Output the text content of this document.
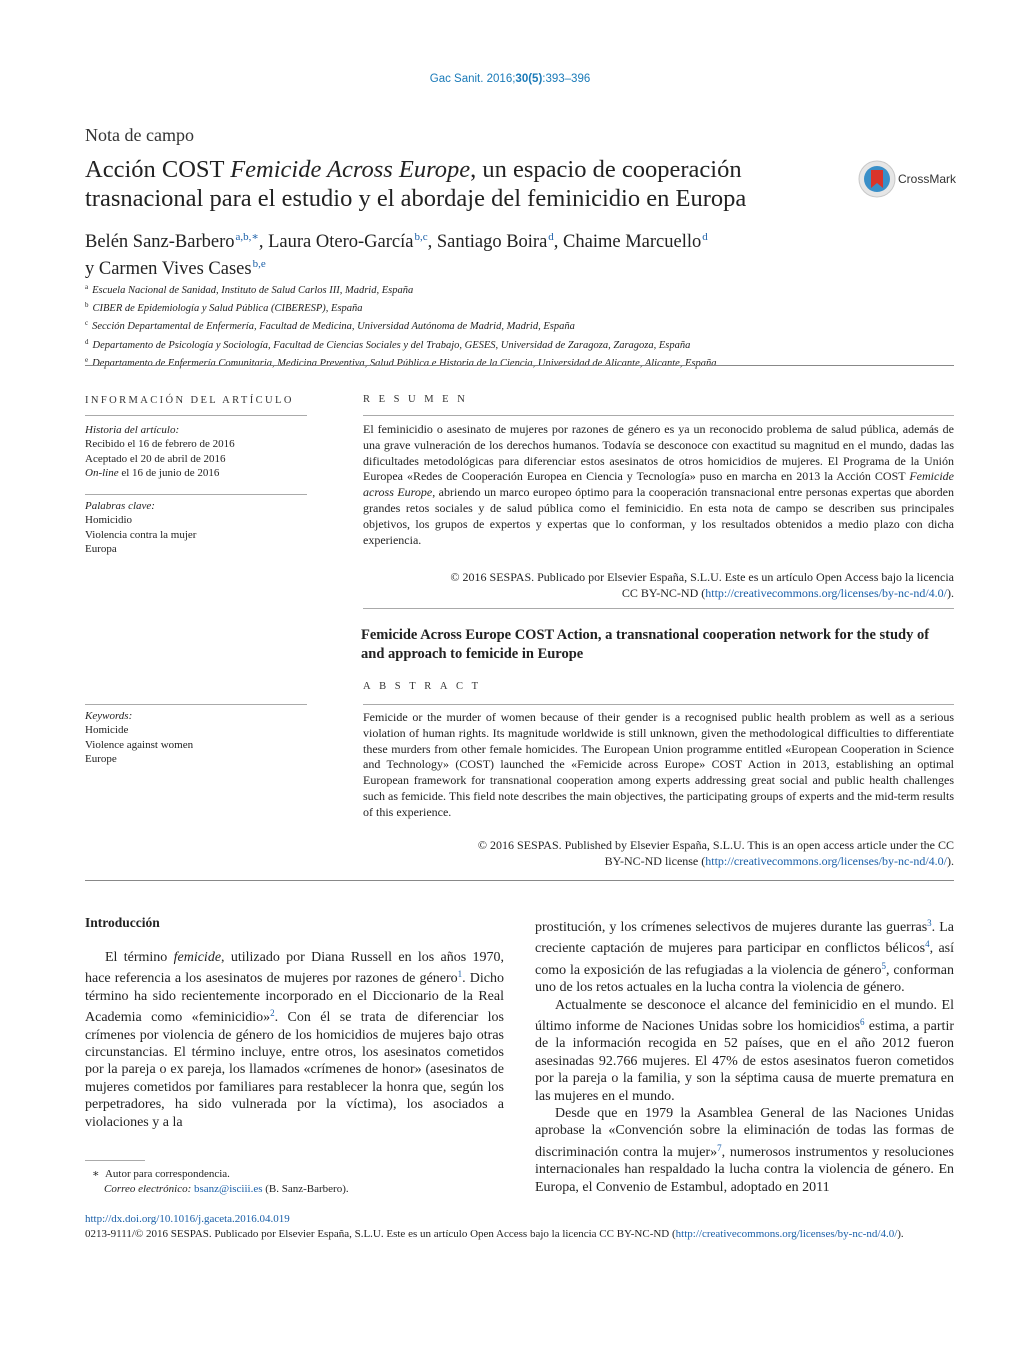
Gac Sanit. 2016;30(5):393–396
Nota de campo
Acción COST Femicide Across Europe, un espacio de cooperación trasnacional para el estudio y el abordaje del feminicidio en Europa
CrossMark
Belén Sanz-Barbero$^{a,b,∗}$, Laura Otero-García$^{b,c}$, Santiago Boira$^d$, Chaime Marcuello$^d$
y Carmen Vives Cases$^{b,e}$
$^a$ Escuela Nacional de Sanidad, Instituto de Salud Carlos III, Madrid, España
$^b$ CIBER de Epidemiología y Salud Pública (CIBERESP), España
$^c$ Sección Departamental de Enfermería, Facultad de Medicina, Universidad Autónoma de Madrid, Madrid, España
$^d$ Departamento de Psicología y Sociología, Facultad de Ciencias Sociales y del Trabajo, GESES, Universidad de Zaragoza, Zaragoza, España
$^e$ Departamento de Enfermería Comunitaria, Medicina Preventiva, Salud Pública e Historia de la Ciencia, Universidad de Alicante, Alicante, España
INFORMACIÓN DEL ARTÍCULO
Historia del artículo:
Recibido el 16 de febrero de 2016
Aceptado el 20 de abril de 2016
On-line el 16 de junio de 2016
Palabras clave:
Homicidio
Violencia contra la mujer
Europa
Keywords:
Homicide
Violence against women
Europe
RESUMEN

El feminicidio o asesinato de mujeres por razones de género es ya un reconocido problema de salud pública, además de una grave vulneración de los derechos humanos. Todavía se desconoce con exactitud su magnitud en el mundo, dadas las dificultades metodológicas para diferenciar estos asesinatos de otros homicidios de mujeres. El Programa de la Unión Europea «Redes de Cooperación Europea en Ciencia y Tecnología» puso en marcha en 2013 la Acción COST Femicide across Europe, abriendo un marco europeo óptimo para la cooperación transnacional entre personas expertas que aborden grandes retos sociales y de salud pública como el feminicidio. En esta nota de campo se describen sus principales objetivos, los grupos de expertos y expertas que lo conforman, y los resultados obtenidos a medio plazo con dicha experiencia.

© 2016 SESPAS. Publicado por Elsevier España, S.L.U. Este es un artículo Open Access bajo la licencia
CC BY-NC-ND (http://creativecommons.org/licenses/by-nc-nd/4.0/).
Femicide Across Europe COST Action, a transnational cooperation network for the study of and approach to femicide in Europe
ABSTRACT

Femicide or the murder of women because of their gender is a recognised public health problem as well as a serious violation of human rights. Its magnitude worldwide is still unknown, given the methodological difficulties to differentiate these murders from other female homicides. The European Union programme entitled «European Cooperation in Science and Technology» (COST) launched the «Femicide across Europe» COST Action in 2013, establishing an optimal European framework for transnational cooperation among experts addressing great social and public health challenges such as femicide. This field note describes the main objectives, the participating groups of experts and the mid-term results of this experience.

© 2016 SESPAS. Published by Elsevier España, S.L.U. This is an open access article under the CC
BY-NC-ND license (http://creativecommons.org/licenses/by-nc-nd/4.0/).
Introducción

El término femicide, utilizado por Diana Russell en los años 1970, hace referencia a los asesinatos de mujeres por razones de género$^1$. Dicho término ha sido recientemente incorporado en el Diccionario de la Real Academia como «feminicidio»$^2$. Con él se trata de diferenciar los crímenes por violencia de género de los homicidios de mujeres bajo otras circunstancias. El término incluye, entre otros, los asesinatos cometidos por la pareja o ex pareja, los llamados «crímenes de honor» (asesinatos de mujeres cometidos por familiares para restablecer la honra que, según los perpetradores, ha sido vulnerada por la víctima), los asociados a violaciones y a la

prostitución, y los crímenes selectivos de mujeres durante las guerras$^3$. La creciente captación de mujeres para participar en conflictos bélicos$^4$, así como la exposición de las refugiadas a la violencia de género$^5$, conforman uno de los retos actuales en la lucha contra la violencia de género.

Actualmente se desconoce el alcance del feminicidio en el mundo. El último informe de Naciones Unidas sobre los homicidios$^6$ estima, a partir de la información recogida en 52 países, que en el año 2012 fueron asesinadas 92.766 mujeres. El 47% de estos asesinatos fueron cometidos por la pareja o la familia, y son la séptima causa de muerte prematura en las mujeres en el mundo.

Desde que en 1979 la Asamblea General de las Naciones Unidas aprobase la «Convención sobre la eliminación de todas las formas de discriminación contra la mujer»$^7$, numerosos instrumentos y resoluciones internacionales han respaldado la lucha contra la violencia de género. En Europa, el Convenio de Estambul, adoptado en 2011

∗ Autor para correspondencia.
Correo electrónico: bsanz@isciii.es (B. Sanz-Barbero).
http://dx.doi.org/10.1016/j.gaceta.2016.04.019
0213-9111/© 2016 SESPAS. Publicado por Elsevier España, S.L.U. Este es un artículo Open Access bajo la licencia CC BY-NC-ND (http://creativecommons.org/licenses/by-nc-nd/4.0/).
